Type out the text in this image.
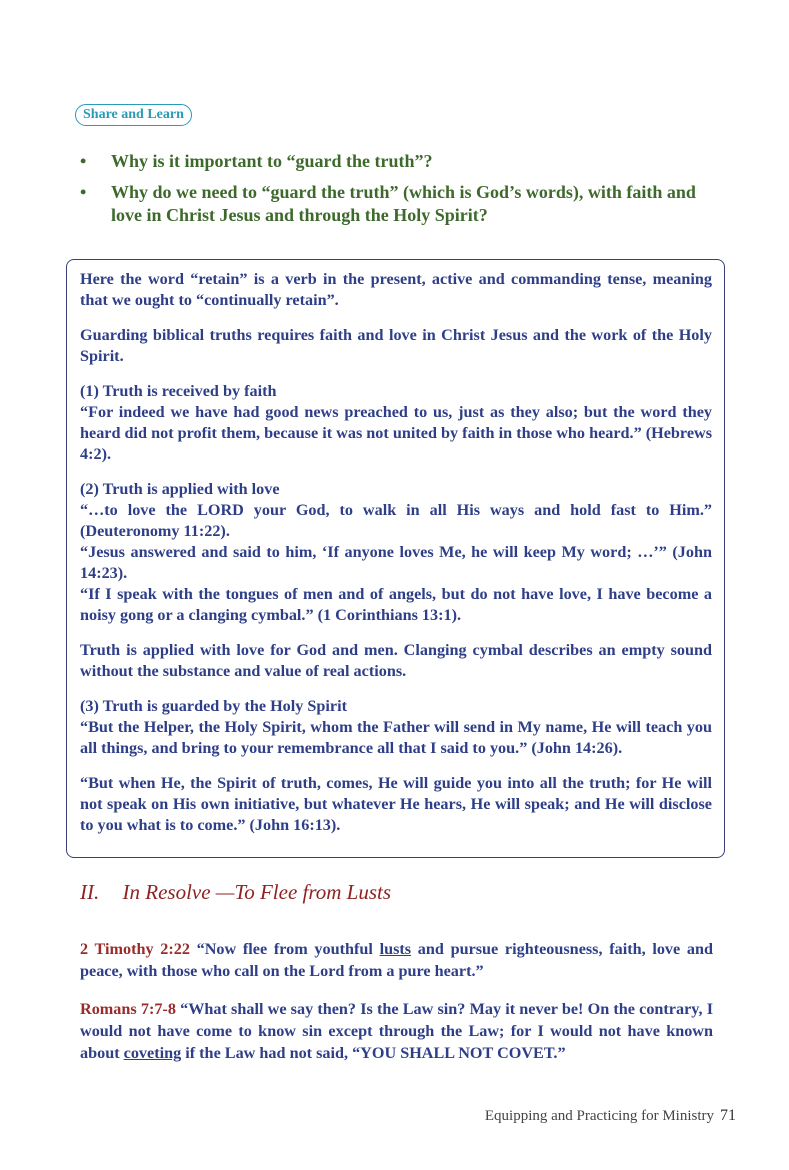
Share and Learn
• Why is it important to “guard the truth”?
• Why do we need to “guard the truth” (which is God’s words), with faith and love in Christ Jesus and through the Holy Spirit?

Here the word “retain” is a verb in the present, active and commanding tense, meaning that we ought to “continually retain”.

Guarding biblical truths requires faith and love in Christ Jesus and the work of the Holy Spirit.

(1) Truth is received by faith
“For indeed we have had good news preached to us, just as they also; but the word they heard did not profit them, because it was not united by faith in those who heard.” (Hebrews 4:2).

(2) Truth is applied with love
“…to love the LORD your God, to walk in all His ways and hold fast to Him.” (Deuteronomy 11:22).
“Jesus answered and said to him, ‘If anyone loves Me, he will keep My word; …’” (John 14:23).
“If I speak with the tongues of men and of angels, but do not have love, I have become a noisy gong or a clanging cymbal.” (1 Corinthians 13:1).

Truth is applied with love for God and men. Clanging cymbal describes an empty sound without the substance and value of real actions.

(3) Truth is guarded by the Holy Spirit
“But the Helper, the Holy Spirit, whom the Father will send in My name, He will teach you all things, and bring to your remembrance all that I said to you.” (John 14:26).

“But when He, the Spirit of truth, comes, He will guide you into all the truth; for He will not speak on His own initiative, but whatever He hears, He will speak; and He will disclose to you what is to come.” (John 16:13).

II. In Resolve —To Flee from Lusts

2 Timothy 2:22 “Now flee from youthful lusts and pursue righteousness, faith, love and peace, with those who call on the Lord from a pure heart.”

Romans 7:7-8 “What shall we say then? Is the Law sin? May it never be! On the contrary, I would not have come to know sin except through the Law; for I would not have known about coveting if the Law had not said, “YOU SHALL NOT COVET.”

Equipping and Practicing for Ministry 71
